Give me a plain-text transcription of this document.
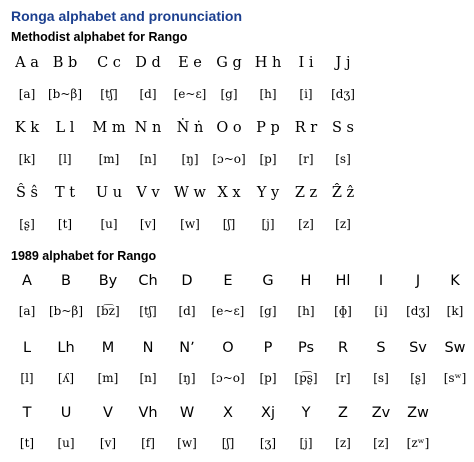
Ronga alphabet and pronunciation
Methodist alphabet for Rango
A a B b C c D d E e G g H h I i J j
[a] [b~β] [tʃ] [d] [e~ɛ] [g] [h] [i] [dʒ]
K k L l M m N n Ṅ ṅ O o P p R r S s
[k] [l] [m] [n] [ŋ] [ɔ~o] [p] [r] [s]
Ŝ ŝ T t U u V v W w X x Y y Z z Ẑ ẑ
[ʂ] [t] [u] [v] [w] [ʃ] [j] [z] [z]
1989 alphabet for Rango
A B By Ch D E G H Hl I J K
[a] [b~β] [b͡z] [tʃ] [d] [e~ɛ] [g] [h] [ɸ] [i] [dʒ] [k]
L Lh M N Nʼ O P Ps R S Sv Sw
[l] [ʎ] [m] [n] [ŋ] [ɔ~o] [p] [p͡ʂ] [r] [s] [ʂ] [sʷ]
T U V Vh W X Xj Y Z Zv Zw
[t] [u] [v] [f] [w] [ʃ] [ʒ] [j] [z] [z] [zʷ]
